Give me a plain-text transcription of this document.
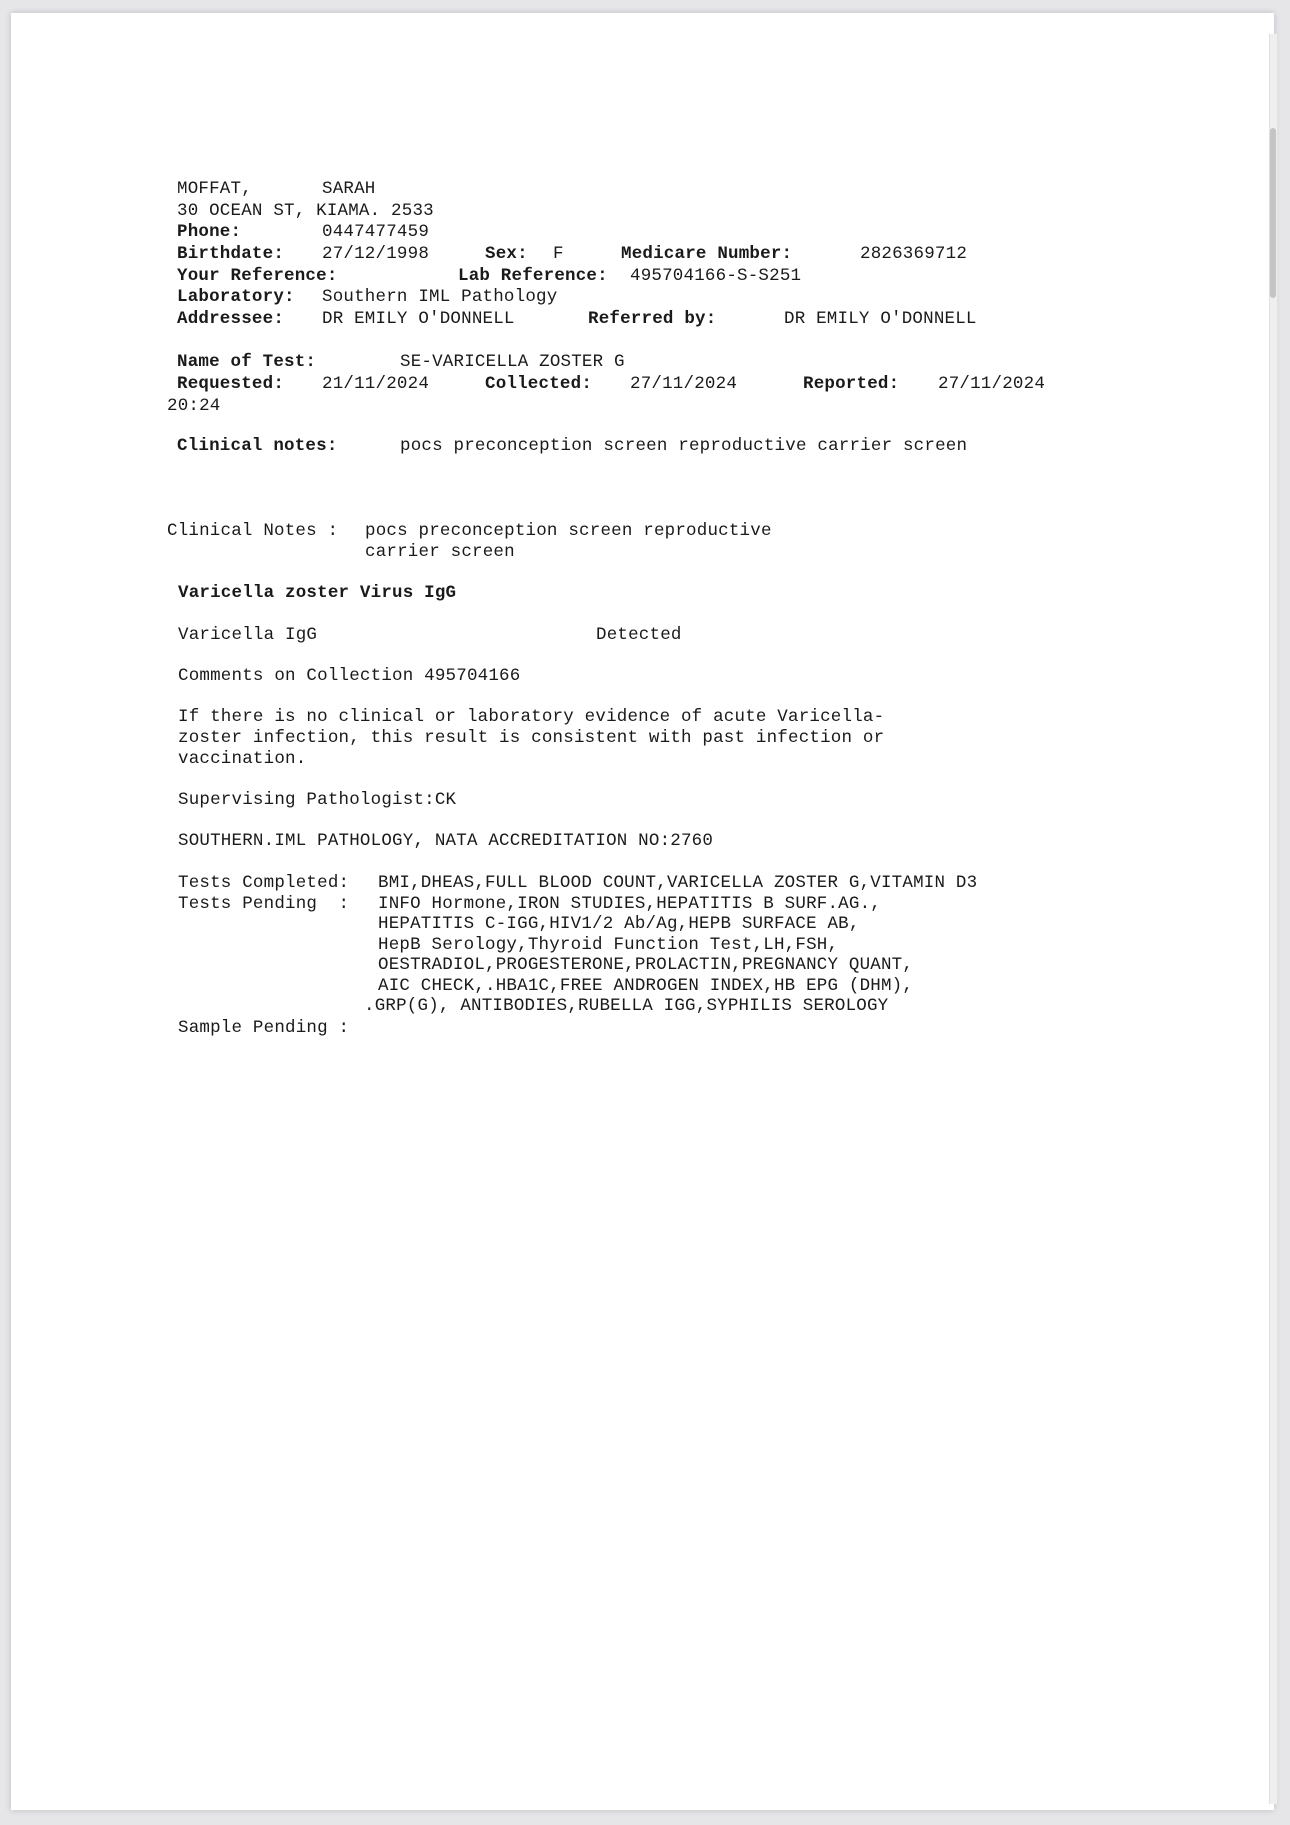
MOFFAT,	SARAH
30 OCEAN ST, KIAMA. 2533
Phone:	0447477459
Birthdate: 27/12/1998	Sex: F	Medicare Number:	2826369712
Your Reference:	Lab Reference: 495704166-S-S251
Laboratory: Southern IML Pathology
Addressee: DR EMILY O'DONNELL	Referred by:	DR EMILY O'DONNELL
Name of Test:	SE-VARICELLA ZOSTER G
Requested: 21/11/2024	Collected: 27/11/2024	Reported: 27/11/2024
20:24
Clinical notes:	pocs preconception screen reproductive carrier screen
Clinical Notes : pocs preconception screen reproductive
carrier screen
Varicella zoster Virus IgG
Varicella IgG	Detected
Comments on Collection 495704166
If there is no clinical or laboratory evidence of acute Varicella-
zoster infection, this result is consistent with past infection or
vaccination.
Supervising Pathologist:CK
SOUTHERN.IML PATHOLOGY, NATA ACCREDITATION NO:2760
Tests Completed: BMI,DHEAS,FULL BLOOD COUNT,VARICELLA ZOSTER G,VITAMIN D3
Tests Pending  : INFO Hormone,IRON STUDIES,HEPATITIS B SURF.AG.,
HEPATITIS C-IGG,HIV1/2 Ab/Ag,HEPB SURFACE AB,
HepB Serology,Thyroid Function Test,LH,FSH,
OESTRADIOL,PROGESTERONE,PROLACTIN,PREGNANCY QUANT,
AIC CHECK,.HBA1C,FREE ANDROGEN INDEX,HB EPG (DHM),
.GRP(G), ANTIBODIES,RUBELLA IGG,SYPHILIS SEROLOGY
Sample Pending :
